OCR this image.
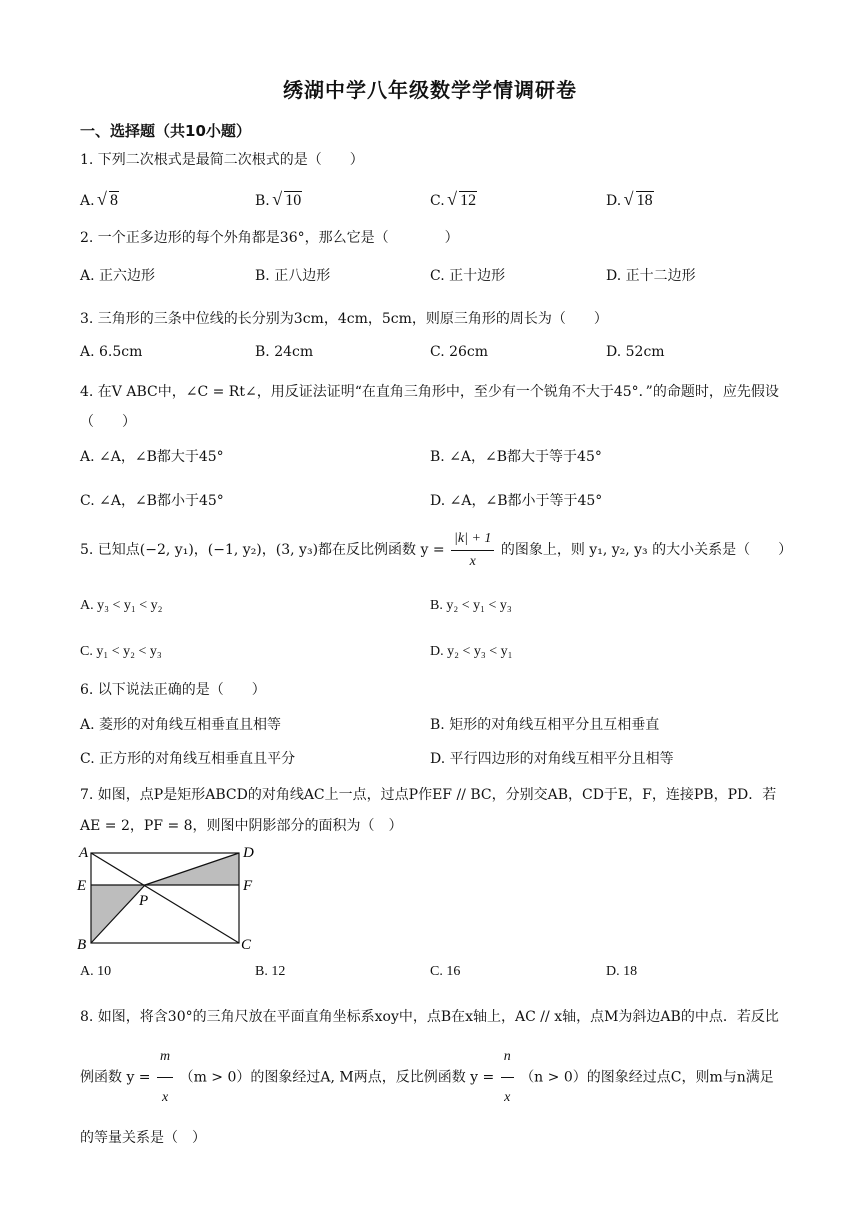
绣湖中学八年级数学学情调研卷
一、选择题（共10小题）
1. 下列二次根式是最简二次根式的是（　　）
A. √ 8	B. √ 10	C. √ 12	D. √ 18
2. 一个正多边形的每个外角都是36°，那么它是（　　　　）
A. 正六边形	B. 正八边形	C. 正十边形	D. 正十二边形
3. 三角形的三条中位线的长分别为3cm，4cm，5cm，则原三角形的周长为（　　）
A. 6.5cm	B. 24cm	C. 26cm	D. 52cm
4. 在V ABC中，∠C = Rt∠，用反证法证明“在直角三角形中，至少有一个锐角不大于45°．”的命题时，应先假设（　　）
A. ∠A，∠B都大于45°	B. ∠A，∠B都大于等于45°
C. ∠A，∠B都小于45°	D. ∠A，∠B都小于等于45°
5. 已知点(−2, y₁)，(−1, y₂)，(3, y₃)都在反比例函数 $y = \frac{|k| + 1}{x}$ 的图象上，则 y₁, y₂, y₃ 的大小关系是（　　）
A. y₃ < y₁ < y₂	B. y₂ < y₁ < y₃
C. y₁ < y₂ < y₃	D. y₂ < y₃ < y₁
6. 以下说法正确的是（　　）
A. 菱形的对角线互相垂直且相等	B. 矩形的对角线互相平分且互相垂直
C. 正方形的对角线互相垂直且平分	D. 平行四边形的对角线互相平分且相等
7. 如图，点P是矩形ABCD的对角线AC上一点，过点P作EF // BC，分别交AB，CD于E，F，连接PB，PD．若AE = 2，PF = 8，则图中阴影部分的面积为（　）
A	D
E	F
P
B	C
A. 10	B. 12	C. 16	D. 18
8. 如图，将含30°的三角尺放在平面直角坐标系xoy中，点B在x轴上，AC // x轴，点M为斜边AB的中点．若反比例函数 $y = \frac{m}{x} (m > 0)$的图象经过A, M两点，反比例函数 $y = \frac{n}{x} (n > 0)$的图象经过点C，则m与n满足的等量关系是（　）
